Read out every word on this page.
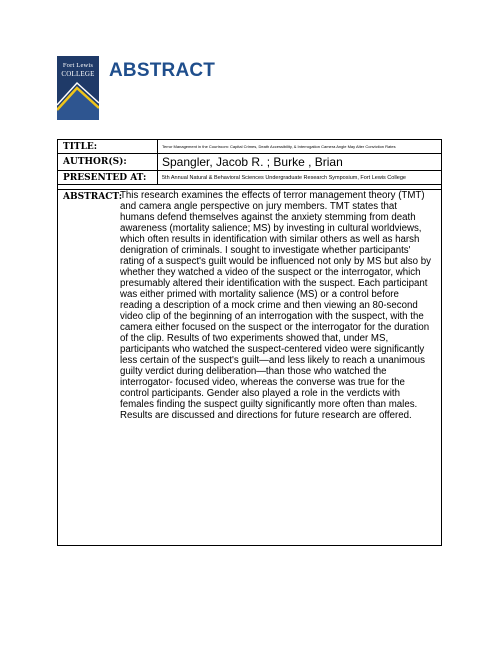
Fort Lewis
COLLEGE ABSTRACT
TITLE:	Terror Management in the Courtroom: Capital Crimes, Death Accessibility, & Interrogation Camera Angle May Alter Conviction Rates
AUTHOR(S):	Spangler, Jacob R. ; Burke , Brian
PRESENTED AT:	5th Annual Natural & Behavioral Sciences Undergraduate Research Symposium, Fort Lewis College
ABSTRACT:
This research examines the effects of terror management theory (TMT)
and camera angle perspective on jury members. TMT states that
humans defend themselves against the anxiety stemming from death
awareness (mortality salience; MS) by investing in cultural worldviews,
which often results in identification with similar others as well as harsh
denigration of criminals. I sought to investigate whether participants'
rating of a suspect's guilt would be influenced not only by MS but also by
whether they watched a video of the suspect or the interrogator, which
presumably altered their identification with the suspect. Each participant
was either primed with mortality salience (MS) or a control before
reading a description of a mock crime and then viewing an 80-second
video clip of the beginning of an interrogation with the suspect, with the
camera either focused on the suspect or the interrogator for the duration
of the clip. Results of two experiments showed that, under MS,
participants who watched the suspect-centered video were significantly
less certain of the suspect's guilt—and less likely to reach a unanimous
guilty verdict during deliberation—than those who watched the
interrogator- focused video, whereas the converse was true for the
control participants. Gender also played a role in the verdicts with
females finding the suspect guilty significantly more often than males.
Results are discussed and directions for future research are offered.
